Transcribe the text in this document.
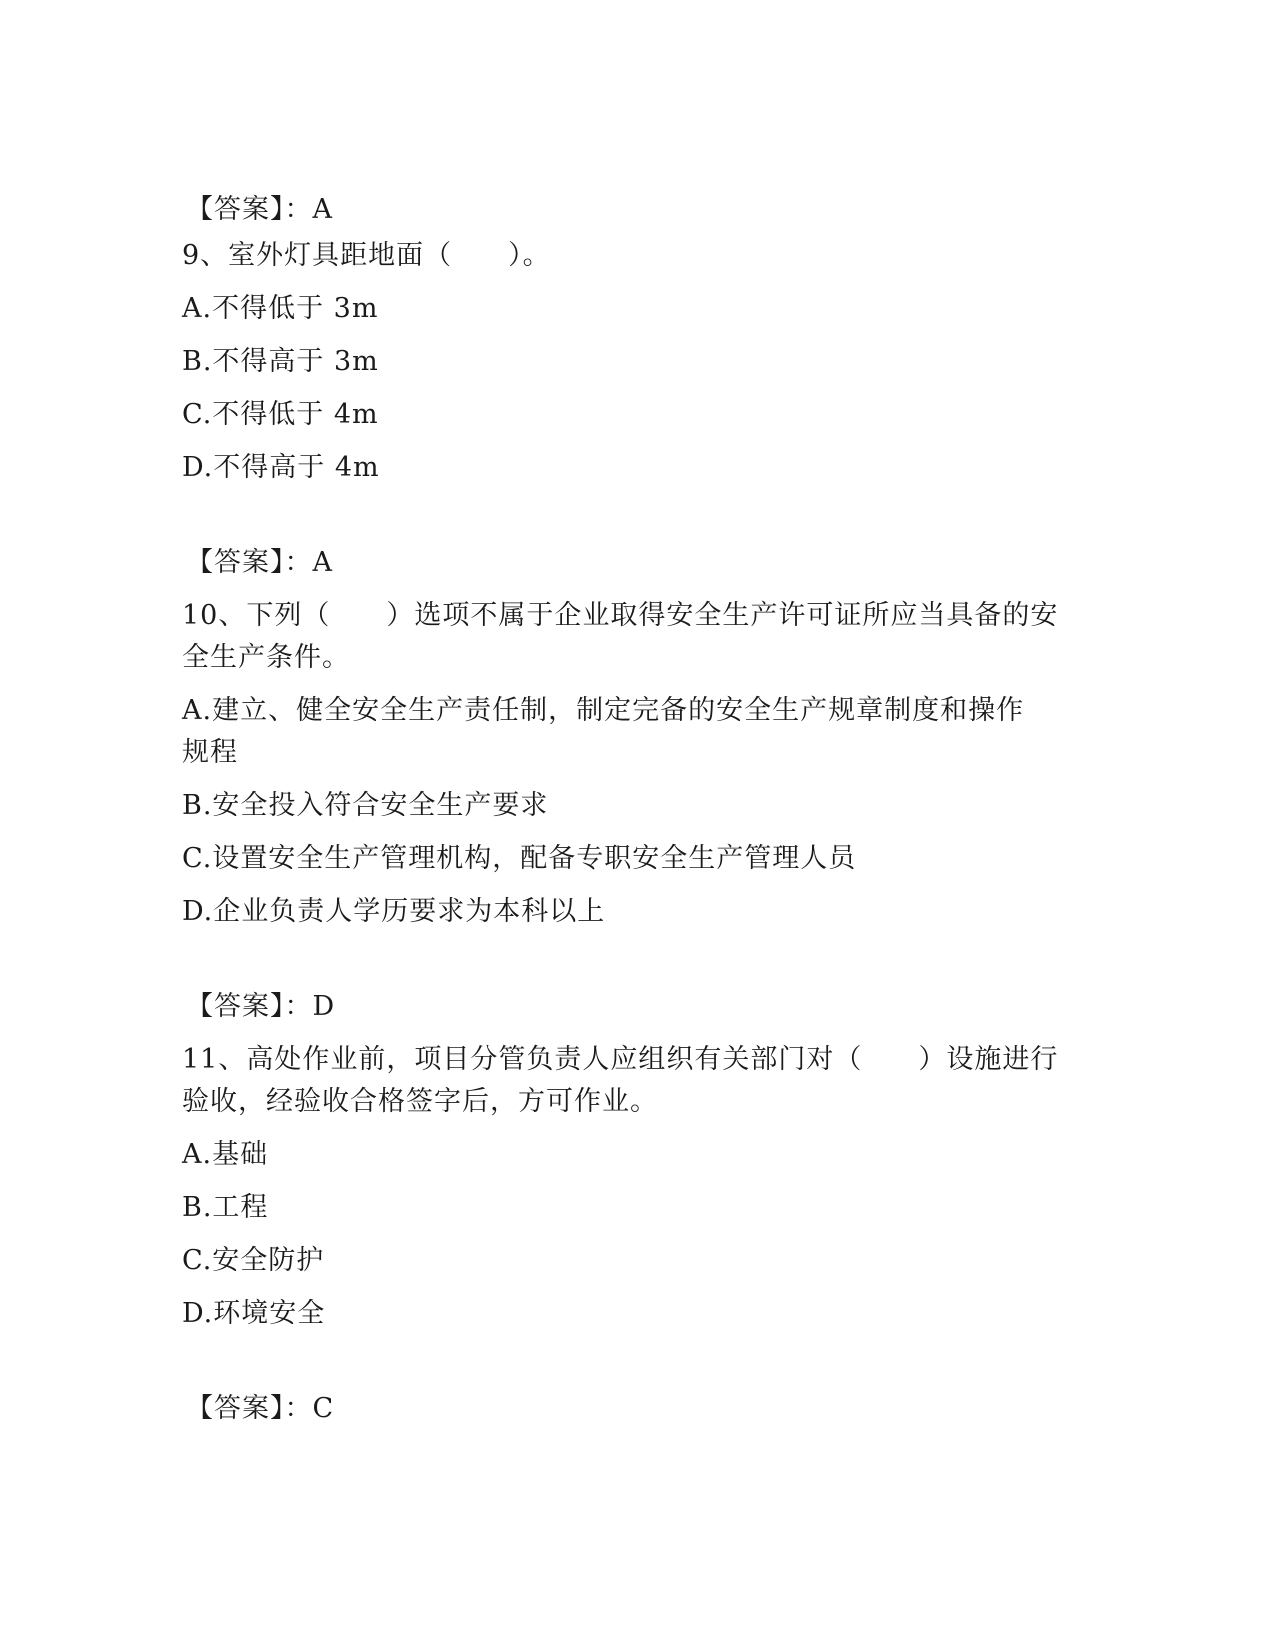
【答案】：A
9、室外灯具距地面（　　）。
A.不得低于 3m
B.不得高于 3m
C.不得低于 4m
D.不得高于 4m
【答案】：A
10、下列（　　）选项不属于企业取得安全生产许可证所应当具备的安
全生产条件。
A.建立、健全安全生产责任制，制定完备的安全生产规章制度和操作
规程
B.安全投入符合安全生产要求
C.设置安全生产管理机构，配备专职安全生产管理人员
D.企业负责人学历要求为本科以上
【答案】：D
11、高处作业前，项目分管负责人应组织有关部门对（　　）设施进行
验收，经验收合格签字后，方可作业。
A.基础
B.工程
C.安全防护
D.环境安全
【答案】：C
